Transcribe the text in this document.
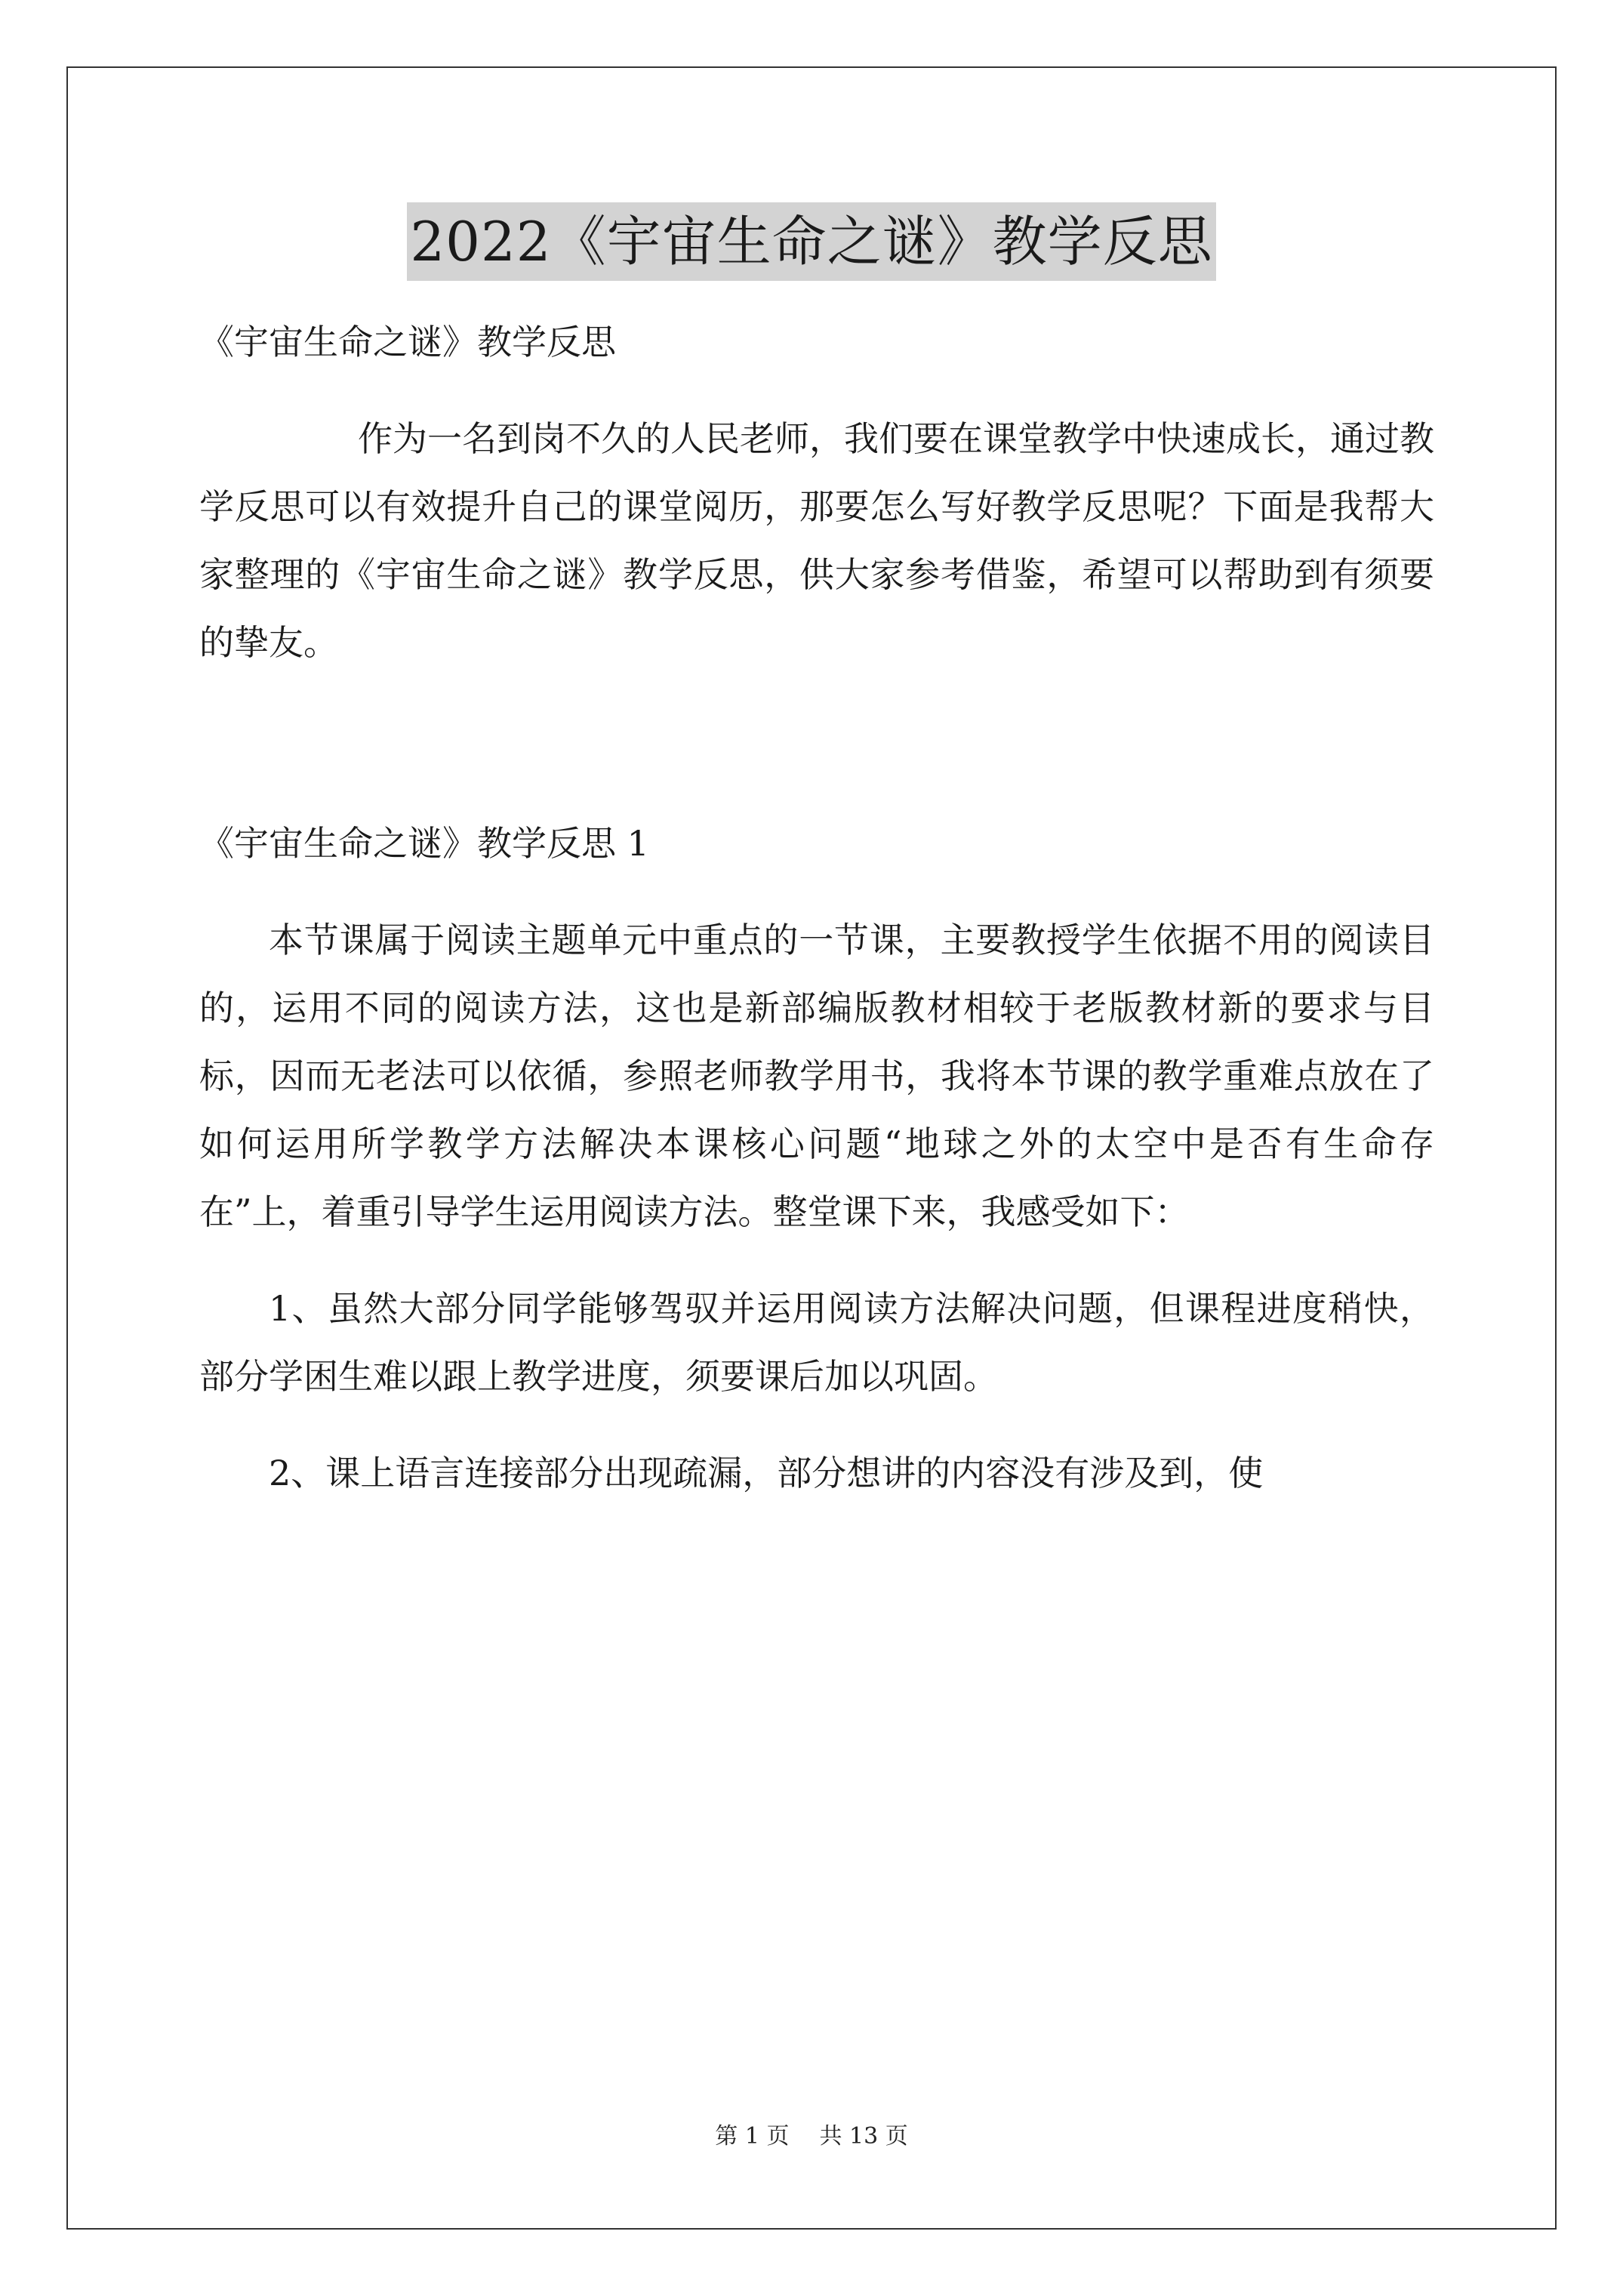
2022《宇宙生命之谜》教学反思

《宇宙生命之谜》教学反思

作为一名到岗不久的人民老师，我们要在课堂教学中快速成长，通过教学反思可以有效提升自己的课堂阅历，那要怎么写好教学反思呢？下面是我帮大家整理的《宇宙生命之谜》教学反思，供大家参考借鉴，希望可以帮助到有须要的挚友。

《宇宙生命之谜》教学反思 1

本节课属于阅读主题单元中重点的一节课，主要教授学生依据不用的阅读目的，运用不同的阅读方法，这也是新部编版教材相较于老版教材新的要求与目标，因而无老法可以依循，参照老师教学用书，我将本节课的教学重难点放在了如何运用所学教学方法解决本课核心问题“地球之外的太空中是否有生命存在”上，着重引导学生运用阅读方法。整堂课下来，我感受如下：

1、虽然大部分同学能够驾驭并运用阅读方法解决问题，但课程进度稍快，部分学困生难以跟上教学进度，须要课后加以巩固。

2、课上语言连接部分出现疏漏，部分想讲的内容没有涉及到，使

第 1 页 共 13 页
